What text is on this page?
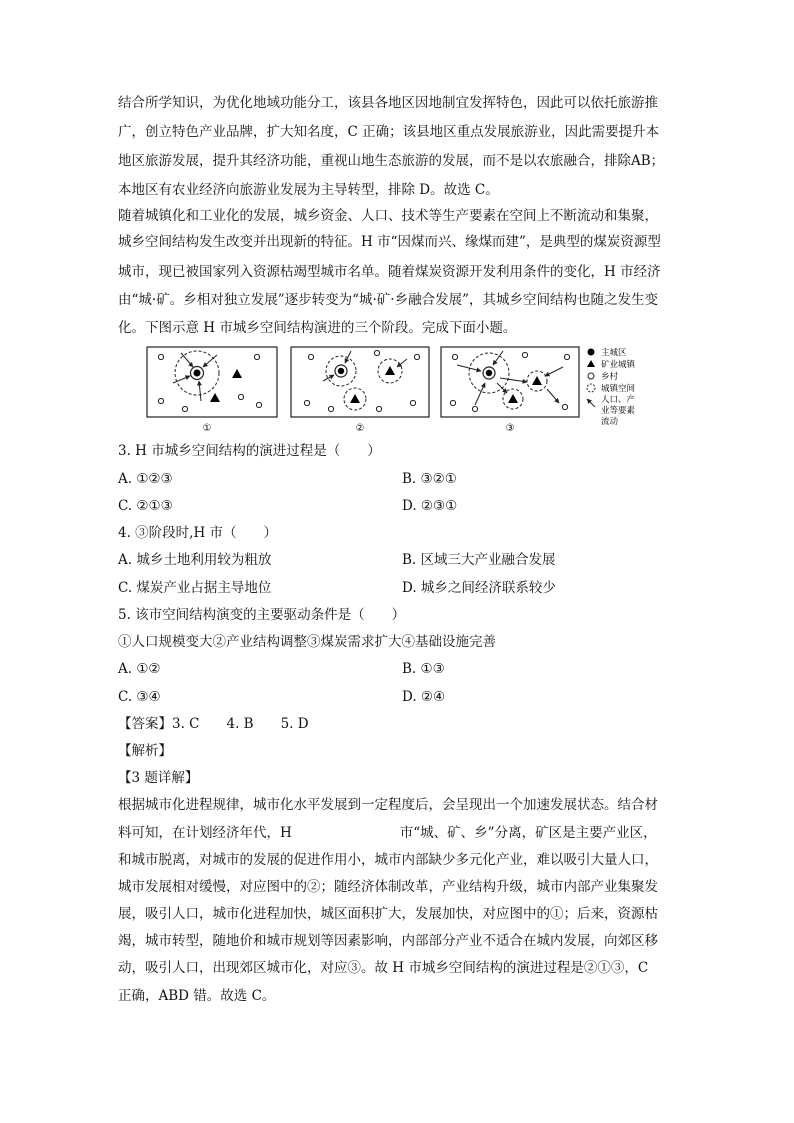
结合所学知识，为优化地域功能分工，该县各地区因地制宜发挥特色，因此可以依托旅游推
广，创立特色产业品牌，扩大知名度，C 正确；该县地区重点发展旅游业，因此需要提升本
地区旅游发展，提升其经济功能，重视山地生态旅游的发展，而不是以农旅融合，排除AB；
本地区有农业经济向旅游业发展为主导转型，排除 D。故选 C。
随着城镇化和工业化的发展，城乡资金、人口、技术等生产要素在空间上不断流动和集聚，
城乡空间结构发生改变并出现新的特征。H 市“因煤而兴、缘煤而建”，是典型的煤炭资源型
城市，现已被国家列入资源枯竭型城市名单。随着煤炭资源开发利用条件的变化，H 市经济
由“城·矿。乡相对独立发展”逐步转变为“城·矿·乡融合发展”，其城乡空间结构也随之发生变
化。下图示意 H 市城乡空间结构演进的三个阶段。完成下面小题。
①	②	③
主城区
矿业城镇
乡村
城镇空间
人口、产
业等要素
流动
3. H 市城乡空间结构的演进过程是（　　）
A. ①②③	B. ③②①
C. ②①③	D. ②③①
4. ③阶段时,H 市（　　）
A. 城乡土地利用较为粗放	B. 区域三大产业融合发展
C. 煤炭产业占据主导地位	D. 城乡之间经济联系较少
5. 该市空间结构演变的主要驱动条件是（　　）
①人口规模变大②产业结构调整③煤炭需求扩大④基础设施完善
A. ①②	B. ①③
C. ③④	D. ②④
【答案】3. C　　4. B　　5. D
【解析】
【3 题详解】
根据城市化进程规律，城市化水平发展到一定程度后，会呈现出一个加速发展状态。结合材
料可知，在计划经济年代，H　　　　　　　　市“城、矿、乡”分离，矿区是主要产业区，
和城市脱离，对城市的发展的促进作用小，城市内部缺少多元化产业，难以吸引大量人口，
城市发展相对缓慢，对应图中的②；随经济体制改革，产业结构升级，城市内部产业集聚发
展，吸引人口，城市化进程加快，城区面积扩大，发展加快，对应图中的①；后来，资源枯
竭，城市转型，随地价和城市规划等因素影响，内部部分产业不适合在城内发展，向郊区移
动，吸引人口，出现郊区城市化，对应③。故 H 市城乡空间结构的演进过程是②①③，C
正确，ABD 错。故选 C。
